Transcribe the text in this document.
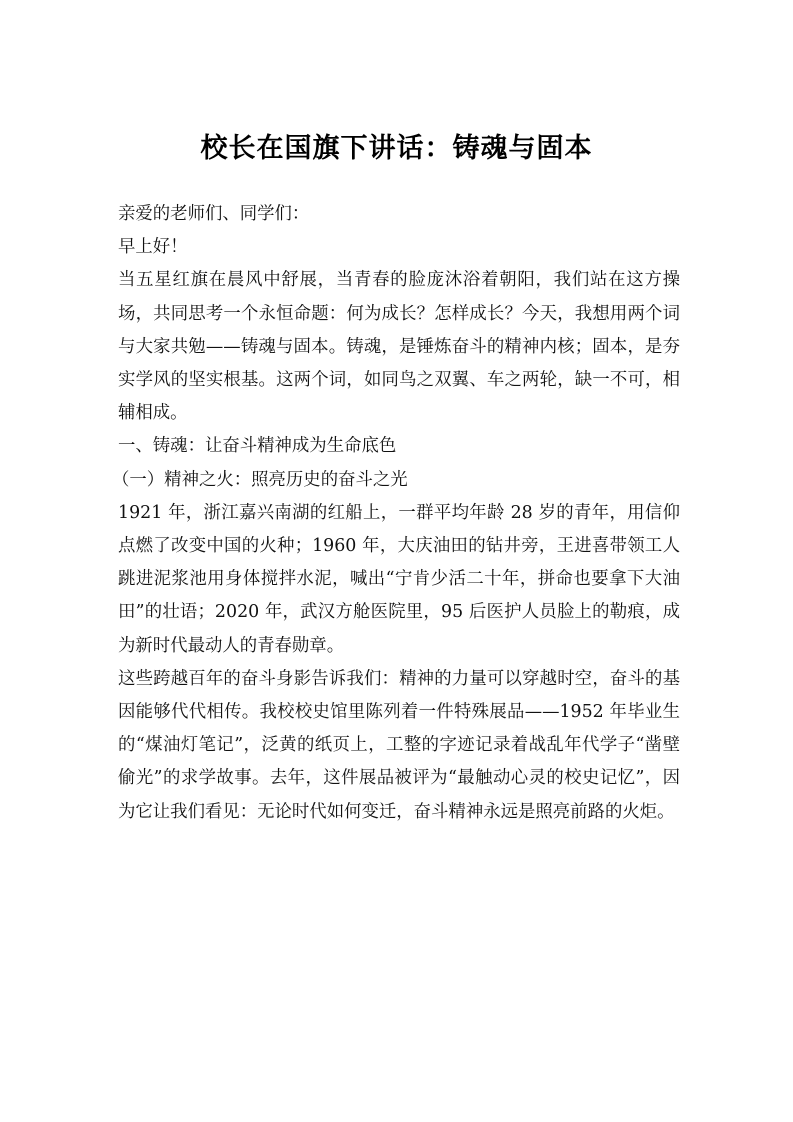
校长在国旗下讲话：铸魂与固本

亲爱的老师们、同学们：

早上好！

当五星红旗在晨风中舒展，当青春的脸庞沐浴着朝阳，我们站在这方操场，共同思考一个永恒命题：何为成长？怎样成长？今天，我想用两个词与大家共勉——铸魂与固本。铸魂，是锤炼奋斗的精神内核；固本，是夯实学风的坚实根基。这两个词，如同鸟之双翼、车之两轮，缺一不可，相辅相成。

一、铸魂：让奋斗精神成为生命底色

（一）精神之火：照亮历史的奋斗之光

1921 年，浙江嘉兴南湖的红船上，一群平均年龄 28 岁的青年，用信仰点燃了改变中国的火种；1960 年，大庆油田的钻井旁，王进喜带领工人跳进泥浆池用身体搅拌水泥，喊出“宁肯少活二十年，拼命也要拿下大油田”的壮语；2020 年，武汉方舱医院里，95 后医护人员脸上的勒痕，成为新时代最动人的青春勋章。

这些跨越百年的奋斗身影告诉我们：精神的力量可以穿越时空，奋斗的基因能够代代相传。我校校史馆里陈列着一件特殊展品——1952 年毕业生的“煤油灯笔记”，泛黄的纸页上，工整的字迹记录着战乱年代学子“凿壁偷光”的求学故事。去年，这件展品被评为“最触动心灵的校史记忆”，因为它让我们看见：无论时代如何变迁，奋斗精神永远是照亮前路的火炬。
